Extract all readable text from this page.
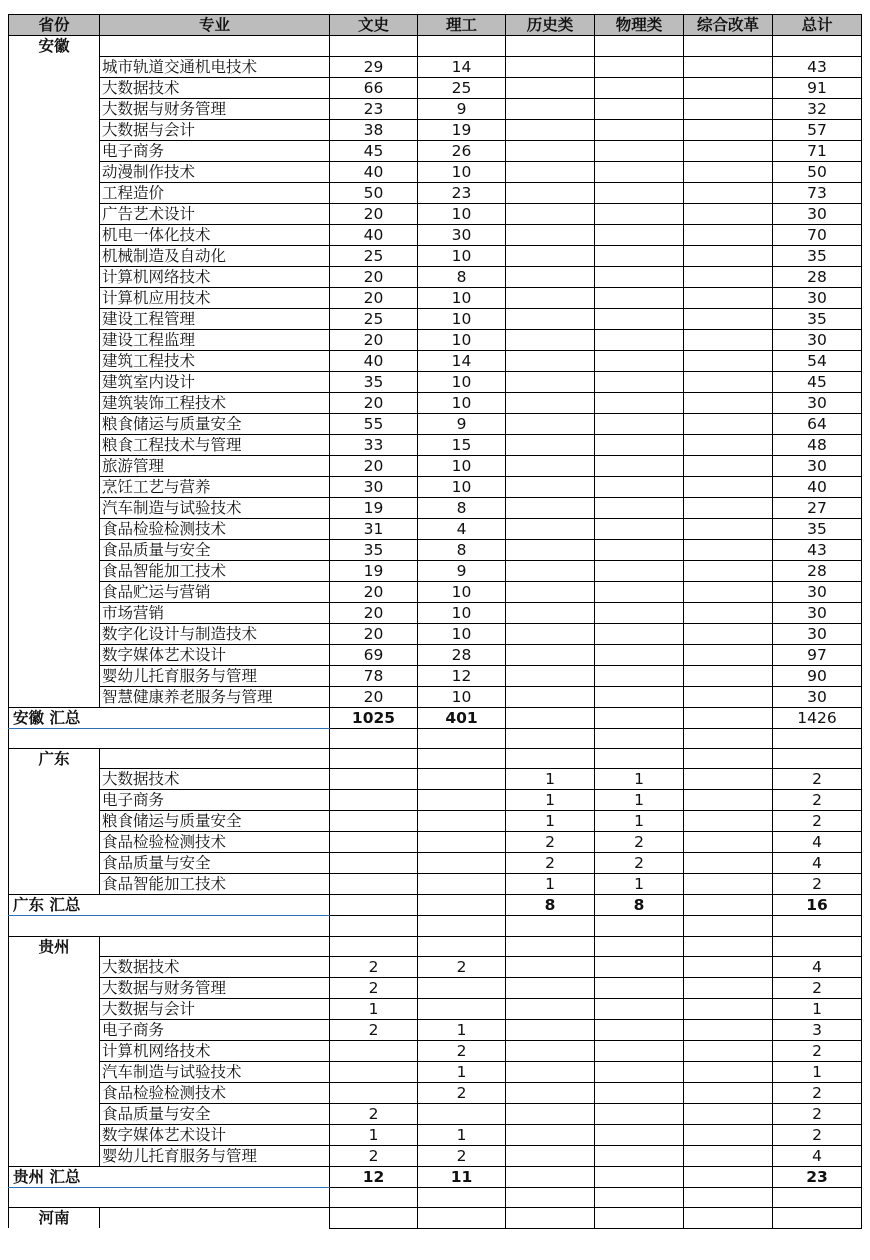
省份	专业	文史	理工	历史类	物理类	综合改革	总计
安徽							
	城市轨道交通机电技术	29	14				43
	大数据技术	66	25				91
	大数据与财务管理	23	9				32
	大数据与会计	38	19				57
	电子商务	45	26				71
	动漫制作技术	40	10				50
	工程造价	50	23				73
	广告艺术设计	20	10				30
	机电一体化技术	40	30				70
	机械制造及自动化	25	10				35
	计算机网络技术	20	8				28
	计算机应用技术	20	10				30
	建设工程管理	25	10				35
	建设工程监理	20	10				30
	建筑工程技术	40	14				54
	建筑室内设计	35	10				45
	建筑装饰工程技术	20	10				30
	粮食储运与质量安全	55	9				64
	粮食工程技术与管理	33	15				48
	旅游管理	20	10				30
	烹饪工艺与营养	30	10				40
	汽车制造与试验技术	19	8				27
	食品检验检测技术	31	4				35
	食品质量与安全	35	8				43
	食品智能加工技术	19	9				28
	食品贮运与营销	20	10				30
	市场营销	20	10				30
	数字化设计与制造技术	20	10				30
	数字媒体艺术设计	69	28				97
	婴幼儿托育服务与管理	78	12				90
	智慧健康养老服务与管理	20	10				30
安徽 汇总		1025	401				1426

广东							
	大数据技术			1	1		2
	电子商务			1	1		2
	粮食储运与质量安全			1	1		2
	食品检验检测技术			2	2		4
	食品质量与安全			2	2		4
	食品智能加工技术			1	1		2
广东 汇总				8	8		16

贵州							
	大数据技术	2	2				4
	大数据与财务管理	2					2
	大数据与会计	1					1
	电子商务	2	1				3
	计算机网络技术		2				2
	汽车制造与试验技术		1				1
	食品检验检测技术		2				2
	食品质量与安全	2					2
	数字媒体艺术设计	1	1				2
	婴幼儿托育服务与管理	2	2				4
贵州 汇总		12	11				23

河南							
